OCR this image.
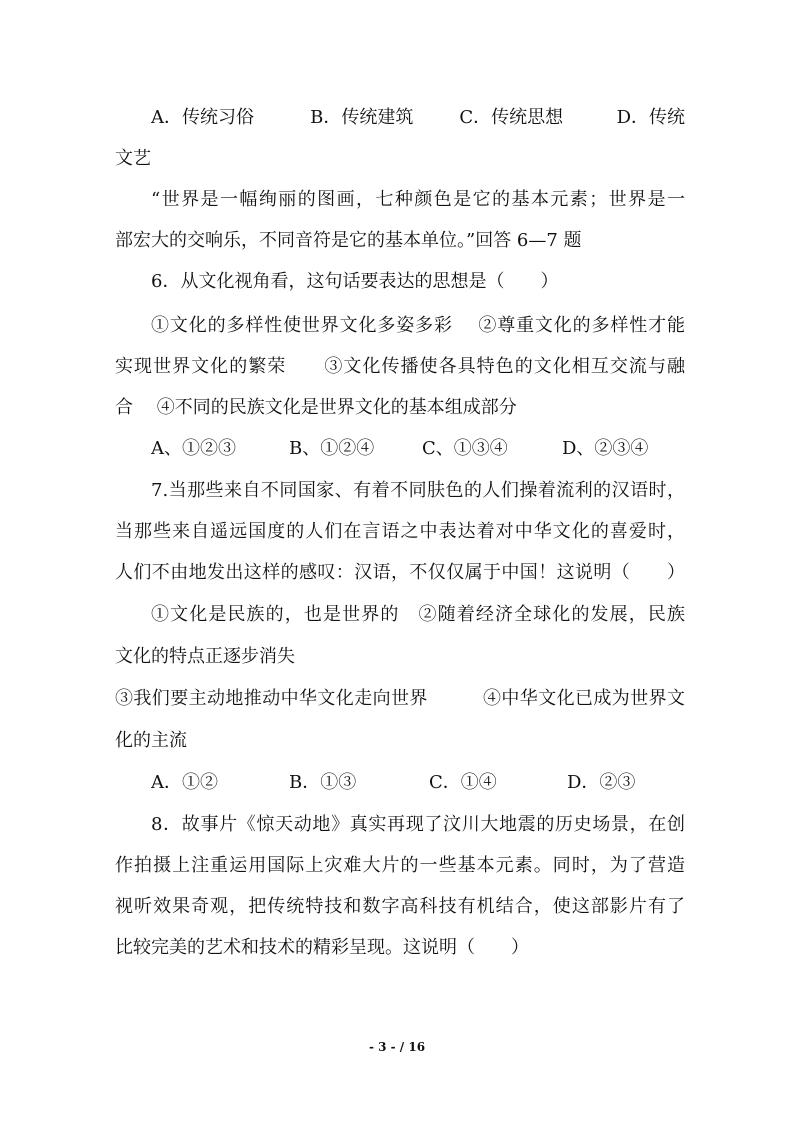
A．传统习俗	B．传统建筑	C．传统思想	D．传统

文艺

“世界是一幅绚丽的图画，七种颜色是它的基本元素；世界是一

部宏大的交响乐，不同音符是它的基本单位。”回答 6—7 题

6．从文化视角看，这句话要表达的思想是（　　）

①文化的多样性使世界文化多姿多彩　 ②尊重文化的多样性才能

实现世界文化的繁荣　　③文化传播使各具特色的文化相互交流与融

合　 ④不同的民族文化是世界文化的基本组成部分

A、①②③	B、①②④	C、①③④	D、②③④

7.当那些来自不同国家、有着不同肤色的人们操着流利的汉语时，

当那些来自遥远国度的人们在言语之中表达着对中华文化的喜爱时，

人们不由地发出这样的感叹：汉语，不仅仅属于中国！这说明（　　）

①文化是民族的，也是世界的　②随着经济全球化的发展，民族

文化的特点正逐步消失

③我们要主动地推动中华文化走向世界　　　④中华文化已成为世界文

化的主流

A．①②	B．①③	C．①④	D．②③

8．故事片《惊天动地》真实再现了汶川大地震的历史场景，在创

作拍摄上注重运用国际上灾难大片的一些基本元素。同时，为了营造

视听效果奇观，把传统特技和数字高科技有机结合，使这部影片有了

比较完美的艺术和技术的精彩呈现。这说明（　　）

- 3 - / 16
